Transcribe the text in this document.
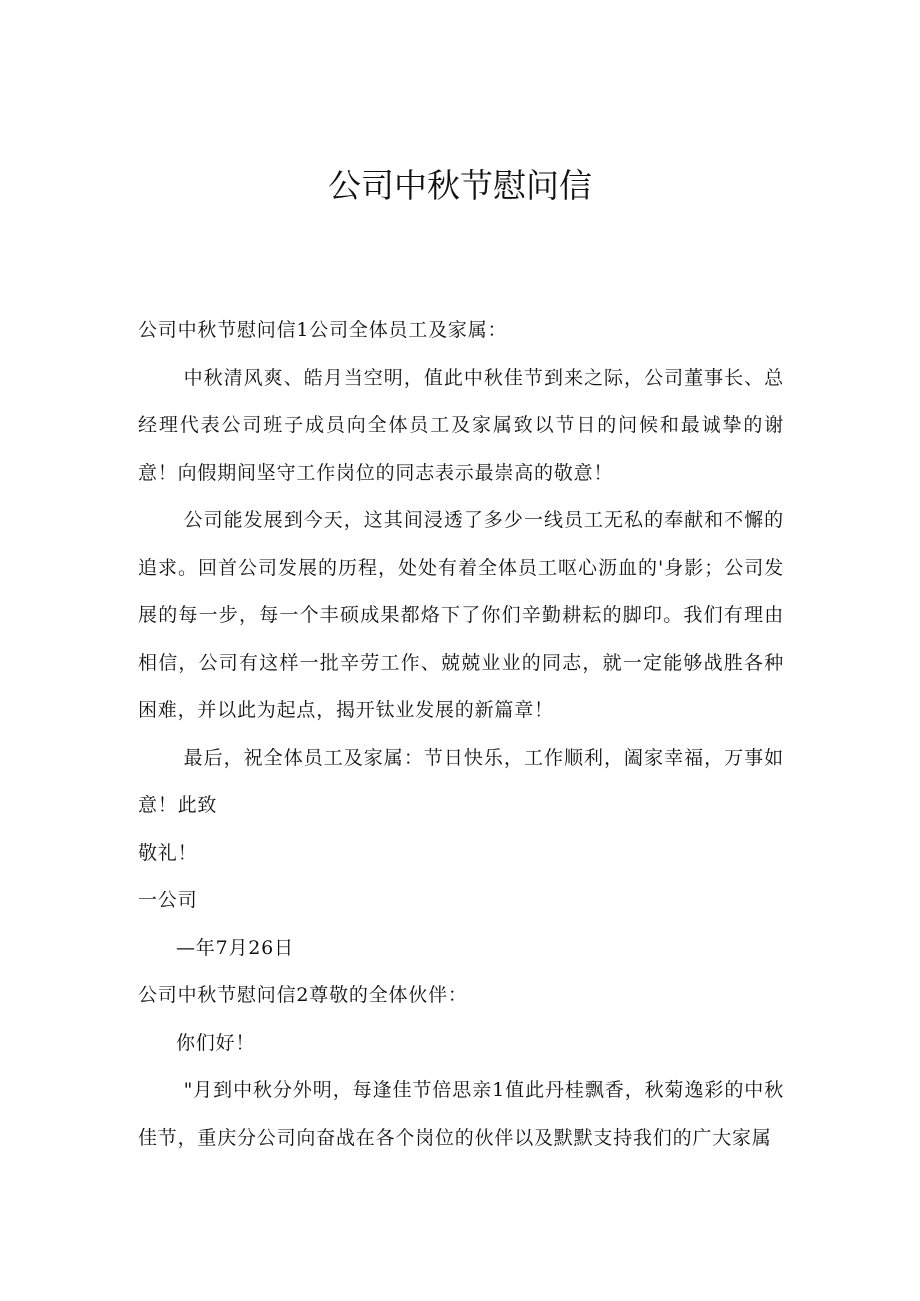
公司中秋节慰问信

公司中秋节慰问信1公司全体员工及家属：

中秋清风爽、皓月当空明，值此中秋佳节到来之际，公司董事长、总经理代表公司班子成员向全体员工及家属致以节日的问候和最诚挚的谢意！向假期间坚守工作岗位的同志表示最崇高的敬意！

公司能发展到今天，这其间浸透了多少一线员工无私的奉献和不懈的追求。回首公司发展的历程，处处有着全体员工呕心沥血的'身影；公司发展的每一步，每一个丰硕成果都烙下了你们辛勤耕耘的脚印。我们有理由相信，公司有这样一批辛劳工作、兢兢业业的同志，就一定能够战胜各种困难，并以此为起点，揭开钛业发展的新篇章！

最后，祝全体员工及家属：节日快乐，工作顺利，阖家幸福，万事如意！此致

敬礼！

一公司

—年7月26日

公司中秋节慰问信2尊敬的全体伙伴：

你们好！

"月到中秋分外明，每逢佳节倍思亲1值此丹桂飘香，秋菊逸彩的中秋佳节，重庆分公司向奋战在各个岗位的伙伴以及默默支持我们的广大家属
